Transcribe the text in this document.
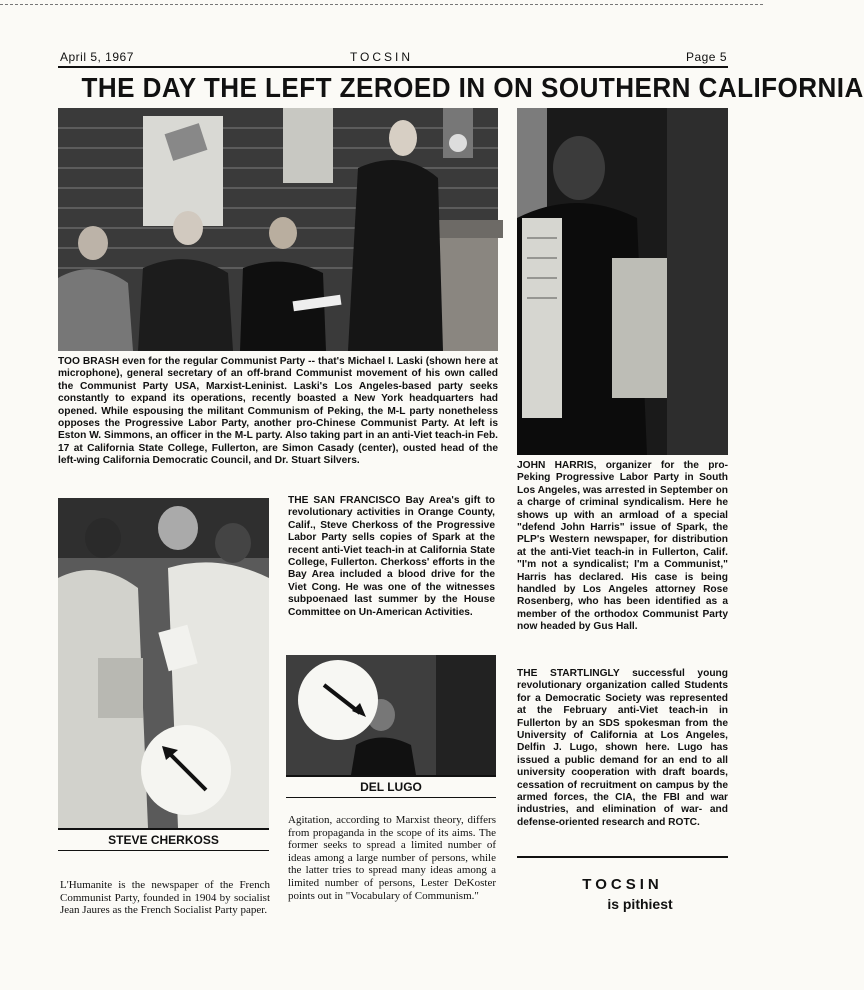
April 5, 1967	TOCSIN	Page 5
THE DAY THE LEFT ZEROED IN ON SOUTHERN CALIFORNIA
TOO BRASH even for the regular Communist Party -- that's Michael I. Laski (shown here at microphone), general secretary of an off-brand Communist movement of his own called the Communist Party USA, Marxist-Leninist. Laski's Los Angeles-based party seeks constantly to expand its operations, recently boasted a New York headquarters had opened. While espousing the militant Communism of Peking, the M-L party nonetheless opposes the Progressive Labor Party, another pro-Chinese Communist Party. At left is Eston W. Simmons, an officer in the M-L party. Also taking part in an anti-Viet teach-in Feb. 17 at California State College, Fullerton, are Simon Casady (center), ousted head of the left-wing California Democratic Council, and Dr. Stuart Silvers.	JOHN HARRIS, organizer for the pro-Peking Progressive Labor Party in South Los Angeles, was arrested in September on a charge of criminal syndicalism. Here he shows up with an armload of a special "defend John Harris" issue of Spark, the PLP's Western newspaper, for distribution at the anti-Viet teach-in in Fullerton, Calif. "I'm not a syndicalist; I'm a Communist," Harris has declared. His case is being handled by Los Angeles attorney Rose Rosenberg, who has been identified as a member of the orthodox Communist Party now headed by Gus Hall.
THE STARTLINGLY successful young revolutionary organization called Students for a Democratic Society was represented at the February anti-Viet teach-in in Fullerton by an SDS spokesman from the University of California at Los Angeles, Delfin J. Lugo, shown here. Lugo has issued a public demand for an end to all university cooperation with draft boards, cessation of recruitment on campus by the armed forces, the CIA, the FBI and war industries, and elimination of war- and defense-oriented research and ROTC.
STEVE CHERKOSS
THE SAN FRANCISCO Bay Area's gift to revolutionary activities in Orange County, Calif., Steve Cherkoss of the Progressive Labor Party sells copies of Spark at the recent anti-Viet teach-in at California State College, Fullerton. Cherkoss' efforts in the Bay Area included a blood drive for the Viet Cong. He was one of the witnesses subpoenaed last summer by the House Committee on Un-American Activities.
DEL LUGO
L'Humanite is the newspaper of the French Communist Party, founded in 1904 by socialist Jean Jaures as the French Socialist Party paper.
Agitation, according to Marxist theory, differs from propaganda in the scope of its aims. The former seeks to spread a limited number of ideas among a large number of persons, while the latter tries to spread many ideas among a limited number of persons, Lester DeKoster points out in "Vocabulary of Communism."
TOCSIN
is pithiest
